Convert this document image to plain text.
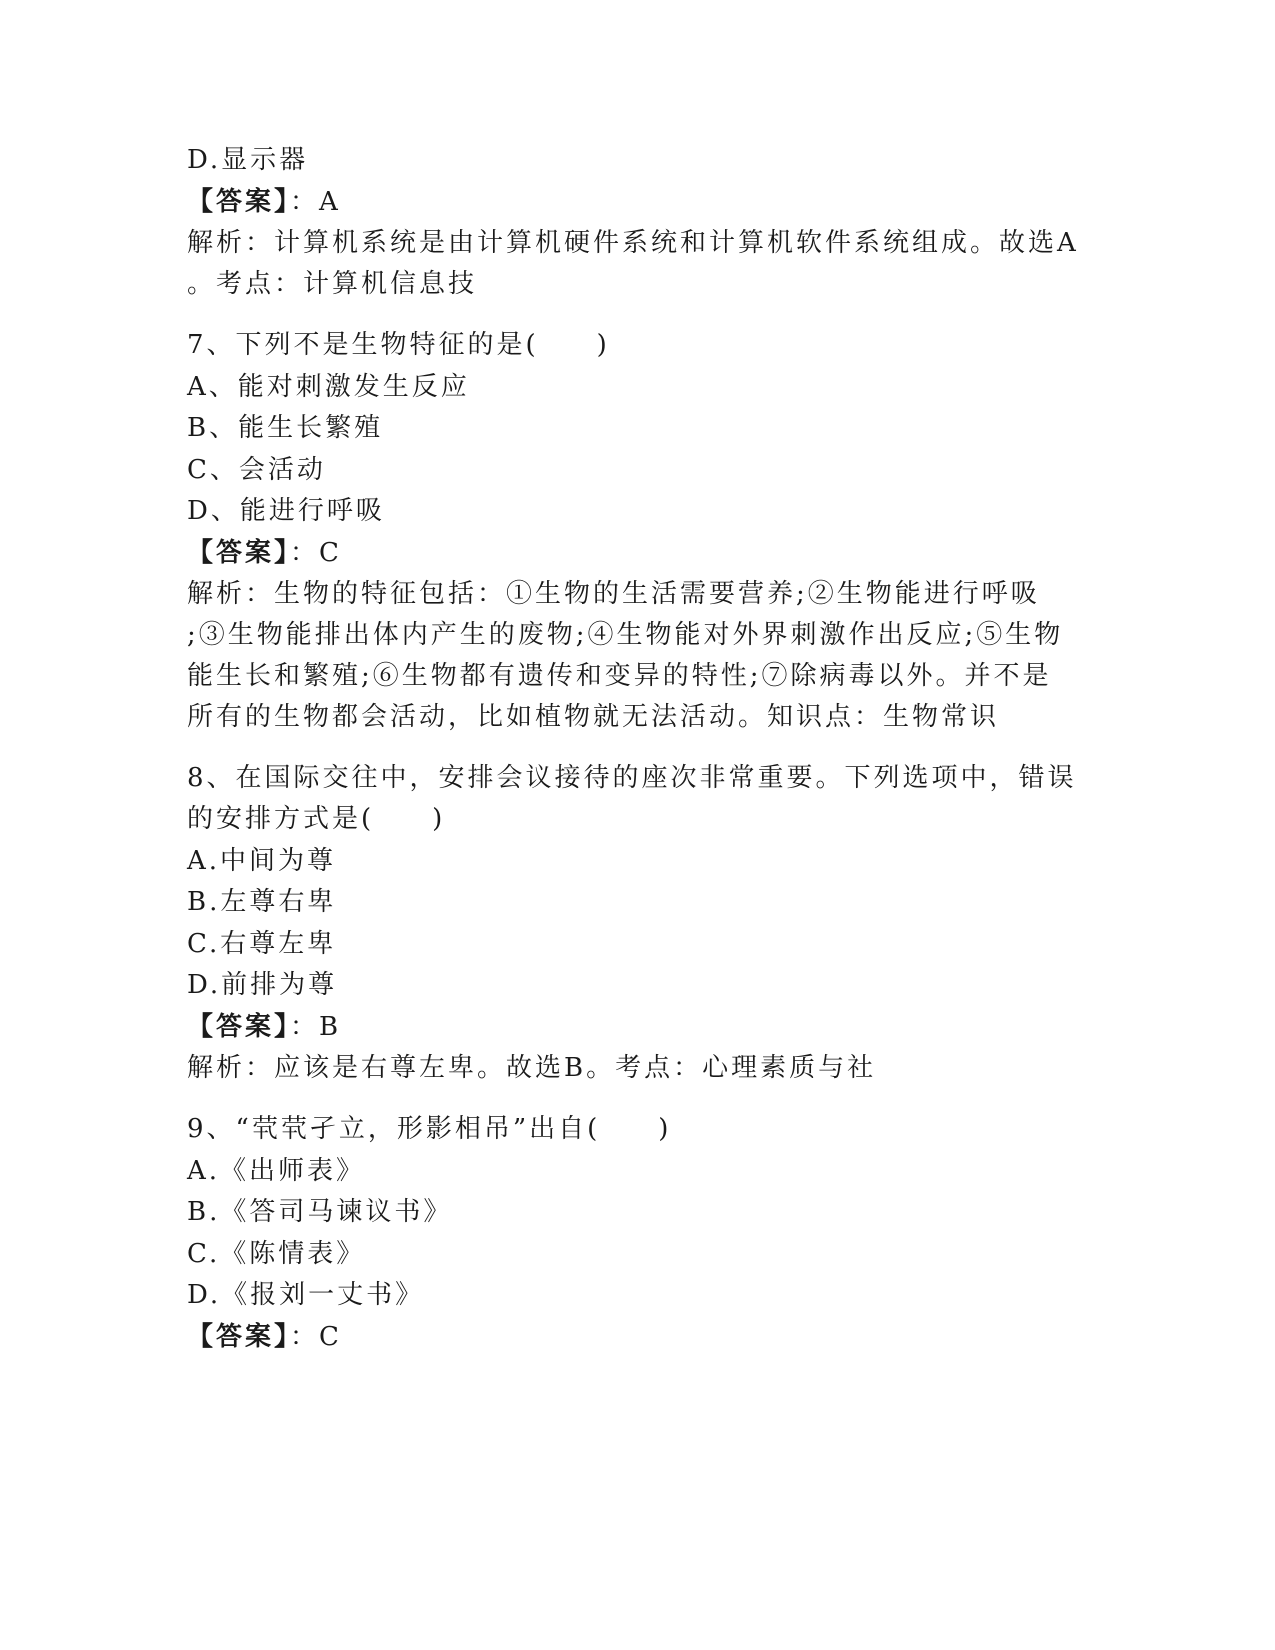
D.显示器
【答案】：A
解析：计算机系统是由计算机硬件系统和计算机软件系统组成。故选A
。考点：计算机信息技
7、下列不是生物特征的是(　　)
A、能对刺激发生反应
B、能生长繁殖
C、会活动
D、能进行呼吸
【答案】：C
解析：生物的特征包括：①生物的生活需要营养;②生物能进行呼吸
;③生物能排出体内产生的废物;④生物能对外界刺激作出反应;⑤生物
能生长和繁殖;⑥生物都有遗传和变异的特性;⑦除病毒以外。并不是
所有的生物都会活动，比如植物就无法活动。知识点：生物常识
8、在国际交往中，安排会议接待的座次非常重要。下列选项中，错误
的安排方式是(　　)
A.中间为尊
B.左尊右卑
C.右尊左卑
D.前排为尊
【答案】：B
解析：应该是右尊左卑。故选B。考点：心理素质与社
9、“茕茕孑立，形影相吊”出自(　　)
A.《出师表》
B.《答司马谏议书》
C.《陈情表》
D.《报刘一丈书》
【答案】：C
